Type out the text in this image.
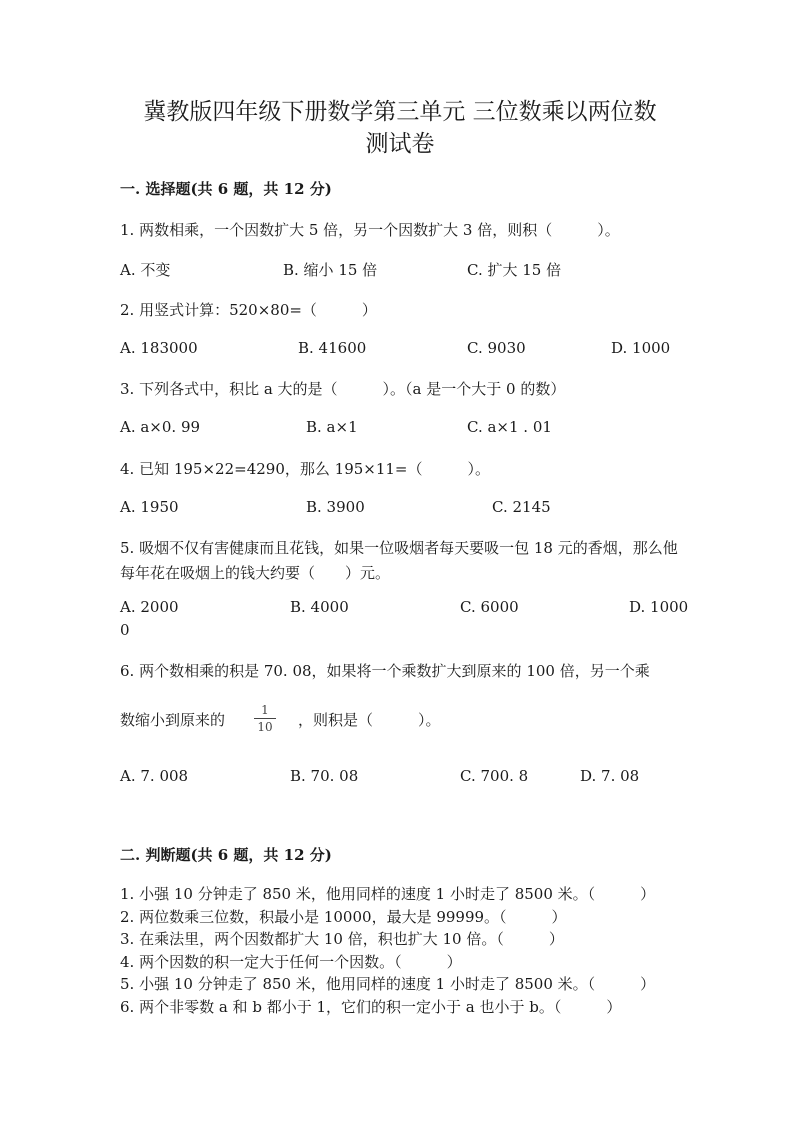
冀教版四年级下册数学第三单元 三位数乘以两位数
测试卷
一. 选择题(共 6 题，共 12 分)
1. 两数相乘，一个因数扩大 5 倍，另一个因数扩大 3 倍，则积（　　　）。
A. 不变	B. 缩小 15 倍	C. 扩大 15 倍
2. 用竖式计算：520×80=（　　　）
A. 183000	B. 41600	C. 9030	D. 1000
3. 下列各式中，积比 a 大的是（　　　）。（a 是一个大于 0 的数）
A. a×0. 99	B. a×1	C. a×1 . 01
4. 已知 195×22=4290，那么 195×11=（　　　）。
A. 1950	B. 3900	C. 2145
5. 吸烟不仅有害健康而且花钱，如果一位吸烟者每天要吸一包 18 元的香烟，那么他每年花在吸烟上的钱大约要（　　）元。
A. 2000	B. 4000	C. 6000	D. 1000
0
6. 两个数相乘的积是 70. 08，如果将一个乘数扩大到原来的 100 倍，另一个乘
数缩小到原来的
1
10 ，则积是（　　　）。
A. 7. 008	B. 70. 08	C. 700. 8	D. 7. 08
二. 判断题(共 6 题，共 12 分)
1. 小强 10 分钟走了 850 米，他用同样的速度 1 小时走了 8500 米。（　　　）
2. 两位数乘三位数，积最小是 10000，最大是 99999。（　　　）
3. 在乘法里，两个因数都扩大 10 倍，积也扩大 10 倍。（　　　）
4. 两个因数的积一定大于任何一个因数。（　　　）
5. 小强 10 分钟走了 850 米，他用同样的速度 1 小时走了 8500 米。（　　　）
6. 两个非零数 a 和 b 都小于 1，它们的积一定小于 a 也小于 b。（　　　）
